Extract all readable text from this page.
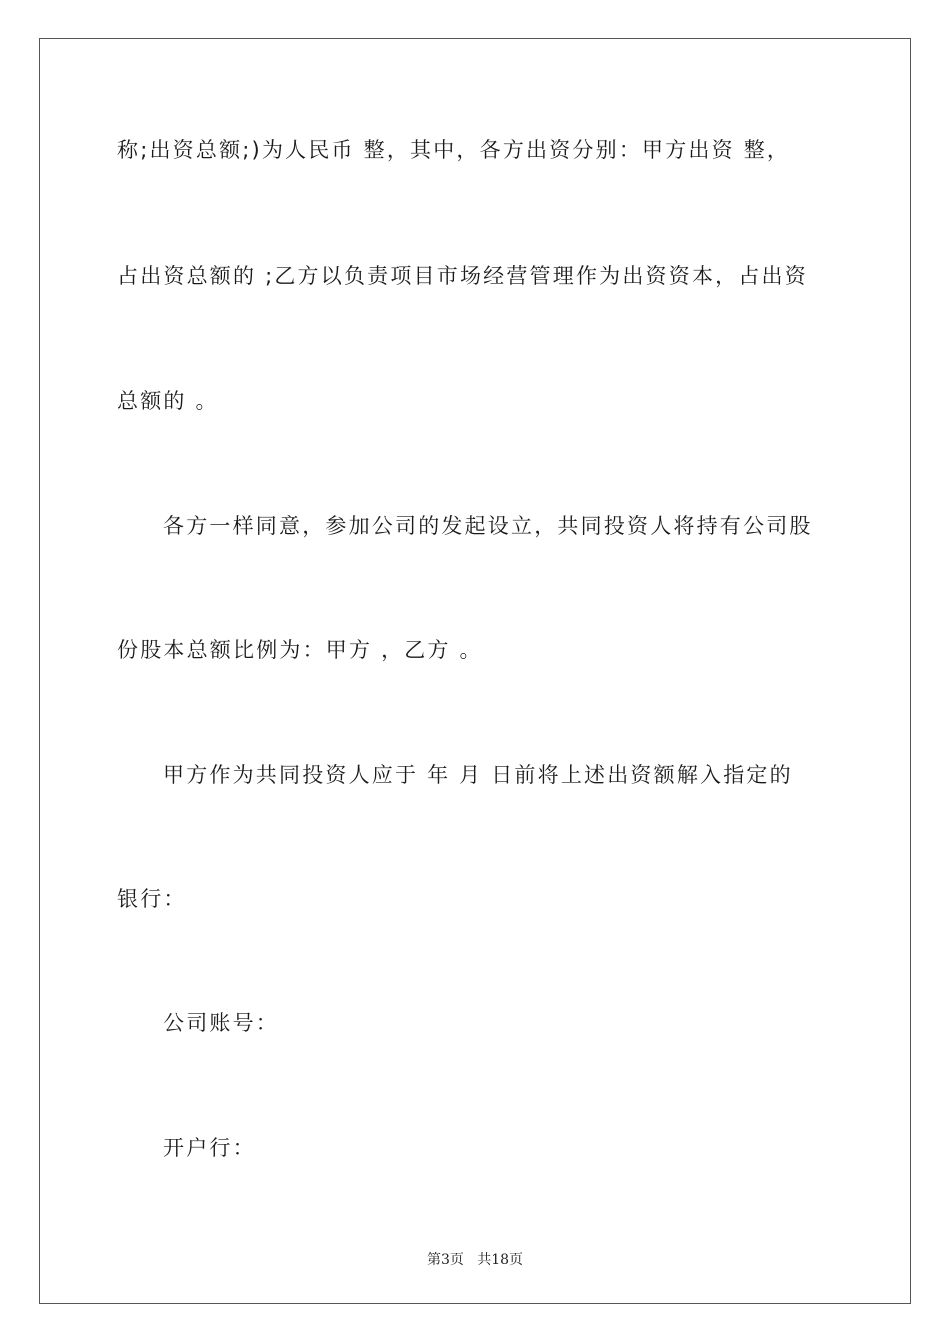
称;出资总额;)为人民币 整，其中，各方出资分别：甲方出资 整，
占出资总额的 ;乙方以负责项目市场经营管理作为出资资本，占出资
总额的 。
各方一样同意，参加公司的发起设立，共同投资人将持有公司股
份股本总额比例为：甲方 ，乙方 。
甲方作为共同投资人应于 年 月 日前将上述出资额解入指定的
银行：
公司账号：
开户行：
第3页   共18页
